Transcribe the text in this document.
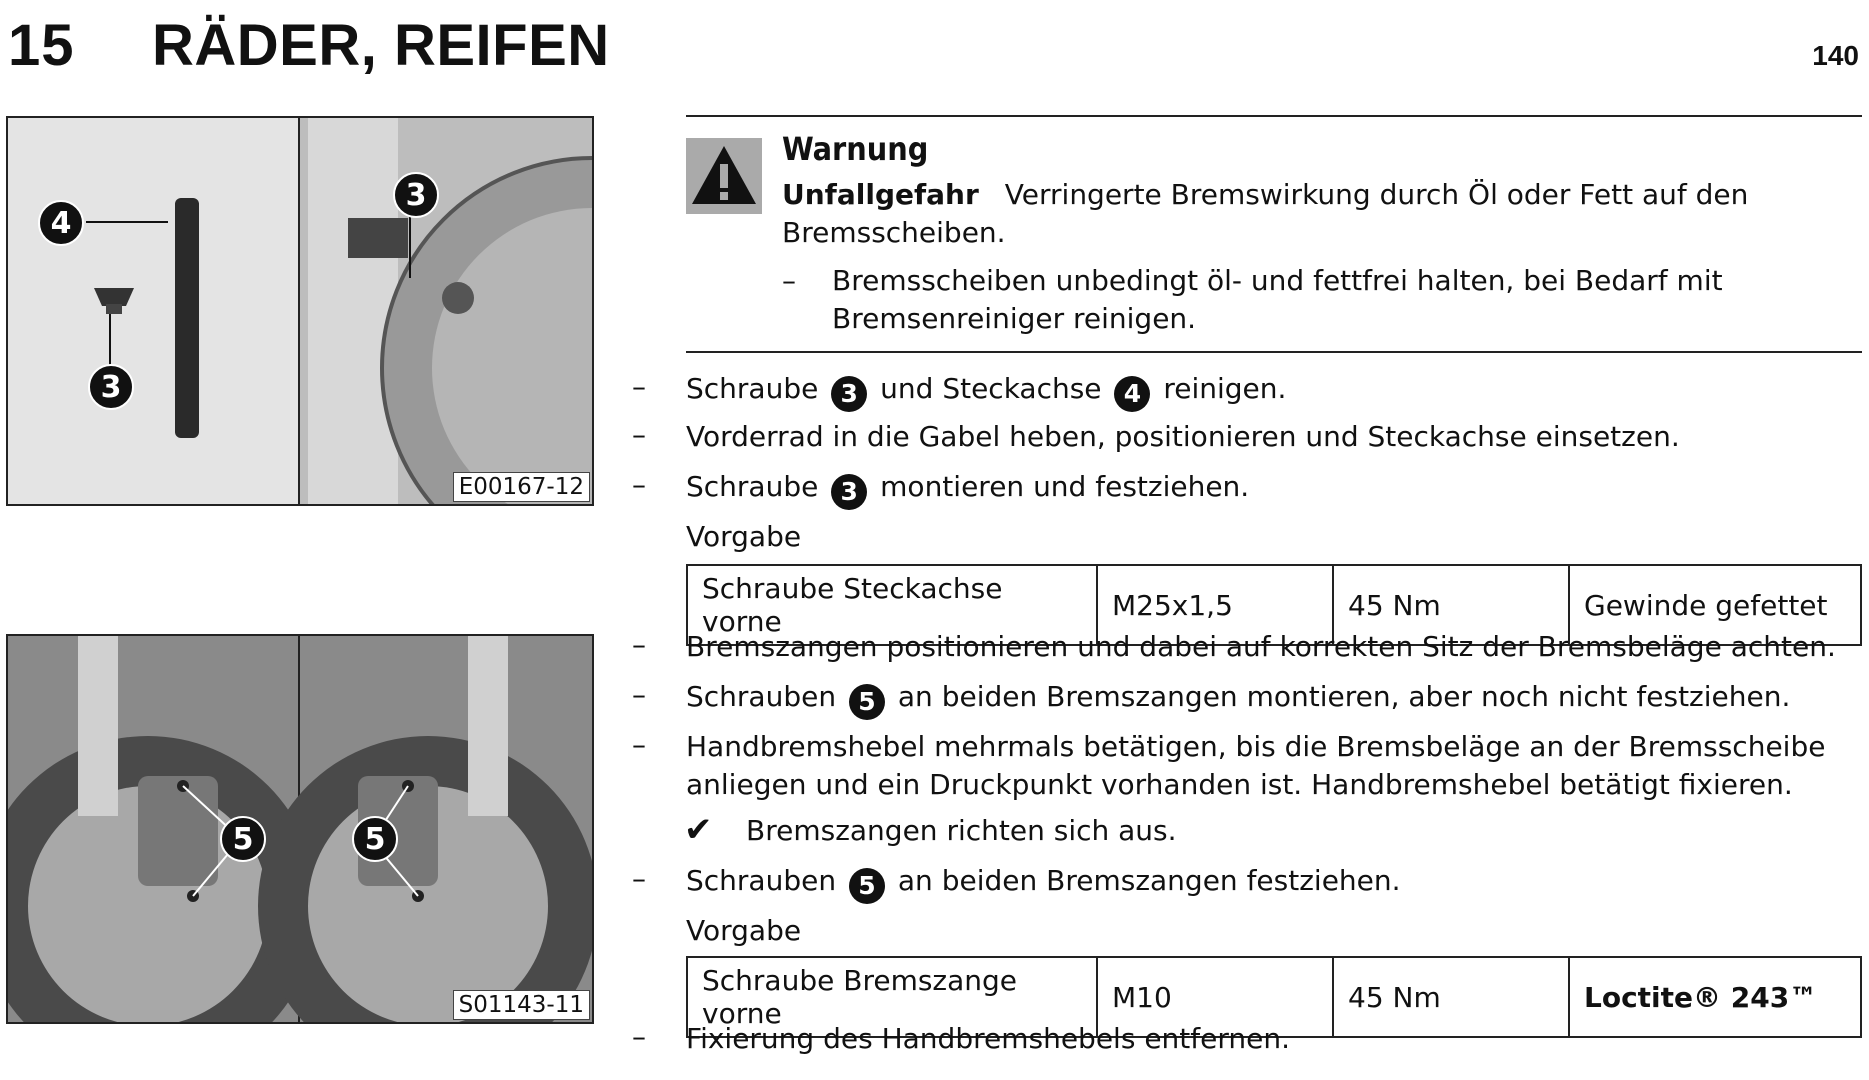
15 RÄDER, REIFEN	140
4
3
3
E00167-12
5	5
S01143-11
Warnung
Unfallgefahr Verringerte Bremswirkung durch Öl oder Fett auf den Bremsscheiben.
– Bremsscheiben unbedingt öl- und fettfrei halten, bei Bedarf mit Bremsenreiniger reinigen.
– Schraube 3 und Steckachse 4 reinigen.
– Vorderrad in die Gabel heben, positionieren und Steckachse einsetzen.
– Schraube 3 montieren und festziehen.
Vorgabe
Schraube Steckachse vorne	M25x1,5	45 Nm	Gewinde gefettet
– Bremszangen positionieren und dabei auf korrekten Sitz der Bremsbeläge achten.
– Schrauben 5 an beiden Bremszangen montieren, aber noch nicht festziehen.
– Handbremshebel mehrmals betätigen, bis die Bremsbeläge an der Bremsscheibe anliegen und ein Druckpunkt vorhanden ist. Handbremshebel betätigt fixieren.
✔ Bremszangen richten sich aus.
– Schrauben 5 an beiden Bremszangen festziehen.
Vorgabe
Schraube Bremszange vorne	M10	45 Nm	Loctite® 243™
– Fixierung des Handbremshebels entfernen.
